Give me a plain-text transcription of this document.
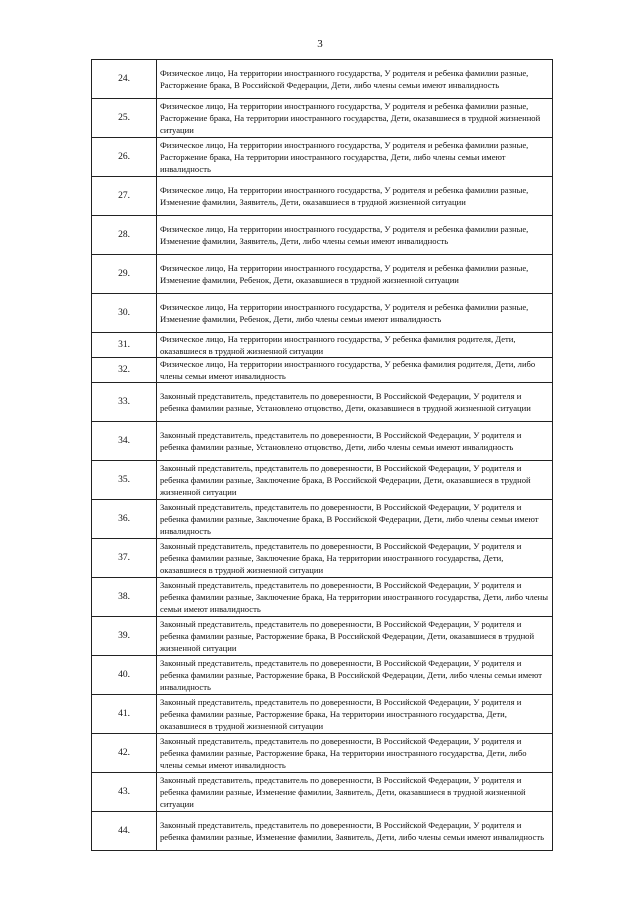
3
24.	Физическое лицо, На территории иностранного государства, У родителя и ребенка фамилии разные, Расторжение брака, В Российской Федерации, Дети, либо члены семьи имеют инвалидность
25.	Физическое лицо, На территории иностранного государства, У родителя и ребенка фамилии разные, Расторжение брака, На территории иностранного государства, Дети, оказавшиеся в трудной жизненной ситуации
26.	Физическое лицо, На территории иностранного государства, У родителя и ребенка фамилии разные, Расторжение брака, На территории иностранного государства, Дети, либо члены семьи имеют инвалидность
27.	Физическое лицо, На территории иностранного государства, У родителя и ребенка фамилии разные, Изменение фамилии, Заявитель, Дети, оказавшиеся в трудной жизненной ситуации
28.	Физическое лицо, На территории иностранного государства, У родителя и ребенка фамилии разные, Изменение фамилии, Заявитель, Дети, либо члены семьи имеют инвалидность
29.	Физическое лицо, На территории иностранного государства, У родителя и ребенка фамилии разные, Изменение фамилии, Ребенок, Дети, оказавшиеся в трудной жизненной ситуации
30.	Физическое лицо, На территории иностранного государства, У родителя и ребенка фамилии разные, Изменение фамилии, Ребенок, Дети, либо члены семьи имеют инвалидность
31.	Физическое лицо, На территории иностранного государства, У ребенка фамилия родителя, Дети, оказавшиеся в трудной жизненной ситуации
32.	Физическое лицо, На территории иностранного государства, У ребенка фамилия родителя, Дети, либо члены семьи имеют инвалидность
33.	Законный представитель, представитель по доверенности, В Российской Федерации, У родителя и ребенка фамилии разные, Установлено отцовство, Дети, оказавшиеся в трудной жизненной ситуации
34.	Законный представитель, представитель по доверенности, В Российской Федерации, У родителя и ребенка фамилии разные, Установлено отцовство, Дети, либо члены семьи имеют инвалидность
35.	Законный представитель, представитель по доверенности, В Российской Федерации, У родителя и ребенка фамилии разные, Заключение брака, В Российской Федерации, Дети, оказавшиеся в трудной жизненной ситуации
36.	Законный представитель, представитель по доверенности, В Российской Федерации, У родителя и ребенка фамилии разные, Заключение брака, В Российской Федерации, Дети, либо члены семьи имеют инвалидность
37.	Законный представитель, представитель по доверенности, В Российской Федерации, У родителя и ребенка фамилии разные, Заключение брака, На территории иностранного государства, Дети, оказавшиеся в трудной жизненной ситуации
38.	Законный представитель, представитель по доверенности, В Российской Федерации, У родителя и ребенка фамилии разные, Заключение брака, На территории иностранного государства, Дети, либо члены семьи имеют инвалидность
39.	Законный представитель, представитель по доверенности, В Российской Федерации, У родителя и ребенка фамилии разные, Расторжение брака, В Российской Федерации, Дети, оказавшиеся в трудной жизненной ситуации
40.	Законный представитель, представитель по доверенности, В Российской Федерации, У родителя и ребенка фамилии разные, Расторжение брака, В Российской Федерации, Дети, либо члены семьи имеют инвалидность
41.	Законный представитель, представитель по доверенности, В Российской Федерации, У родителя и ребенка фамилии разные, Расторжение брака, На территории иностранного государства, Дети, оказавшиеся в трудной жизненной ситуации
42.	Законный представитель, представитель по доверенности, В Российской Федерации, У родителя и ребенка фамилии разные, Расторжение брака, На территории иностранного государства, Дети, либо члены семьи имеют инвалидность
43.	Законный представитель, представитель по доверенности, В Российской Федерации, У родителя и ребенка фамилии разные, Изменение фамилии, Заявитель, Дети, оказавшиеся в трудной жизненной ситуации
44.	Законный представитель, представитель по доверенности, В Российской Федерации, У родителя и ребенка фамилии разные, Изменение фамилии, Заявитель, Дети, либо члены семьи имеют инвалидность
